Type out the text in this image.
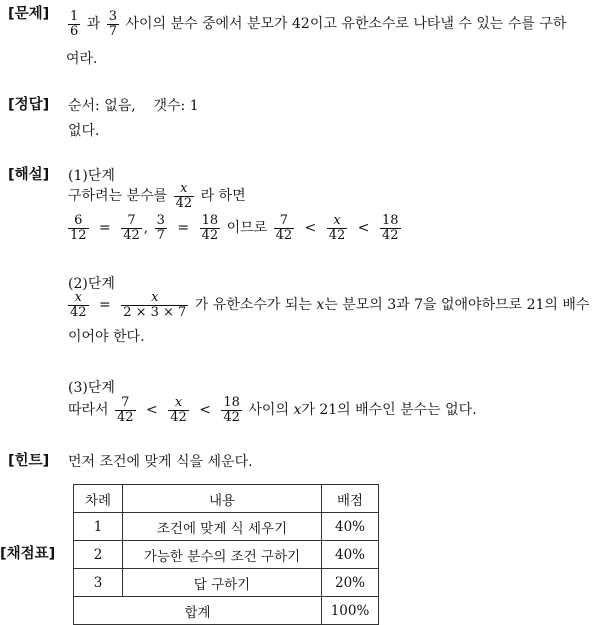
[문제] $\frac{1}{6}$ 과 $\frac{3}{7}$ 사이의 분수 중에서 분모가 42이고 유한소수로 나타낼 수 있는 수를 구하
여라.
[정답] 순서: 없음,    갯수: 1
없다.
[해설] (1)단계
구하려는 분수를 $\frac{x}{42}$ 라 하면
$\frac{6}{12} = \frac{7}{42}$ , $\frac{3}{7} = \frac{18}{42}$ 이므로 $\frac{7}{42} < \frac{x}{42} < \frac{18}{42}$
(2)단계
$\frac{x}{42} = \frac{x}{2 \times 3 \times 7}$ 가 유한소수가 되는 x는 분모의 3과 7을 없애야하므로 21의 배수
이어야 한다.
(3)단계
따라서 $\frac{7}{42} < \frac{x}{42} < \frac{18}{42}$ 사이의 x가 21의 배수인 분수는 없다.
[힌트] 먼저 조건에 맞게 식을 세운다.
[채점표]
차례	내용	배점
1	조건에 맞게 식 세우기	40%
2	가능한 분수의 조건 구하기	40%
3	답 구하기	20%
합계		100%
